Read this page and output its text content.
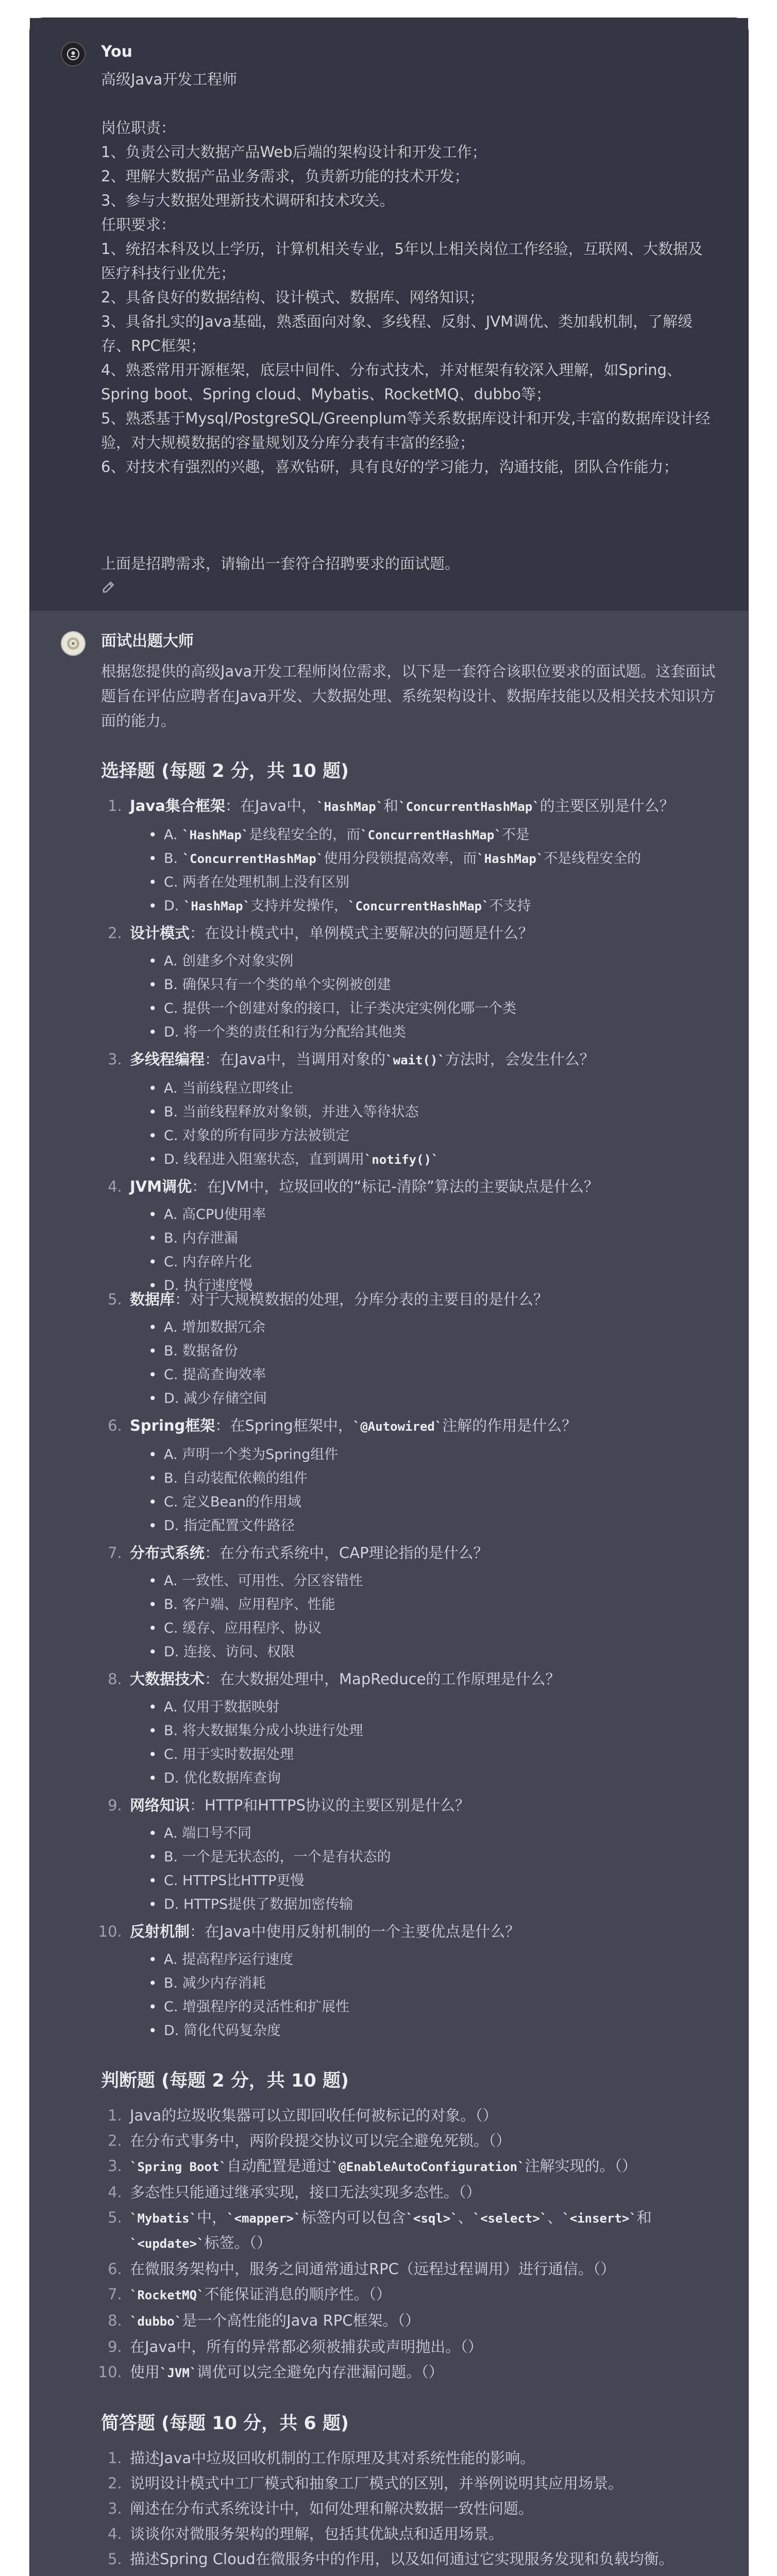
You
高级Java开发工程师

岗位职责：
1、负责公司大数据产品Web后端的架构设计和开发工作；
2、理解大数据产品业务需求，负责新功能的技术开发；
3、参与大数据处理新技术调研和技术攻关。
任职要求：
1、统招本科及以上学历，计算机相关专业，5年以上相关岗位工作经验，互联网、大数据及医疗科技行业优先；
2、具备良好的数据结构、设计模式、数据库、网络知识；
3、具备扎实的Java基础，熟悉面向对象、多线程、反射、JVM调优、类加载机制，了解缓存、RPC框架；
4、熟悉常用开源框架，底层中间件、分布式技术，并对框架有较深入理解，如Spring、Spring boot、Spring cloud、Mybatis、RocketMQ、dubbo等；
5、熟悉基于Mysql/PostgreSQL/Greenplum等关系数据库设计和开发,丰富的数据库设计经验，对大规模数据的容量规划及分库分表有丰富的经验；
6、对技术有强烈的兴趣，喜欢钻研，具有良好的学习能力，沟通技能，团队合作能力；

上面是招聘需求，请输出一套符合招聘要求的面试题。
面试出题大师
根据您提供的高级Java开发工程师岗位需求，以下是一套符合该职位要求的面试题。这套面试题旨在评估应聘者在Java开发、大数据处理、系统架构设计、数据库技能以及相关技术知识方面的能力。
选择题 (每题 2 分，共 10 题)
1. Java集合框架：在Java中，`HashMap`和`ConcurrentHashMap`的主要区别是什么？
• A. `HashMap`是线程安全的，而`ConcurrentHashMap`不是
• B. `ConcurrentHashMap`使用分段锁提高效率，而`HashMap`不是线程安全的
• C. 两者在处理机制上没有区别
• D. `HashMap`支持并发操作，`ConcurrentHashMap`不支持
2. 设计模式：在设计模式中，单例模式主要解决的问题是什么？
• A. 创建多个对象实例
• B. 确保只有一个类的单个实例被创建
• C. 提供一个创建对象的接口，让子类决定实例化哪一个类
• D. 将一个类的责任和行为分配给其他类
3. 多线程编程：在Java中，当调用对象的`wait()`方法时，会发生什么？
• A. 当前线程立即终止
• B. 当前线程释放对象锁，并进入等待状态
• C. 对象的所有同步方法被锁定
• D. 线程进入阻塞状态，直到调用`notify()`
4. JVM调优：在JVM中，垃圾回收的“标记-清除”算法的主要缺点是什么？
• A. 高CPU使用率
• B. 内存泄漏
• C. 内存碎片化
• D. 执行速度慢
5. 数据库：对于大规模数据的处理，分库分表的主要目的是什么？
• A. 增加数据冗余
• B. 数据备份
• C. 提高查询效率
• D. 减少存储空间
6. Spring框架：在Spring框架中，`@Autowired`注解的作用是什么？
• A. 声明一个类为Spring组件
• B. 自动装配依赖的组件
• C. 定义Bean的作用域
• D. 指定配置文件路径
7. 分布式系统：在分布式系统中，CAP理论指的是什么？
• A. 一致性、可用性、分区容错性
• B. 客户端、应用程序、性能
• C. 缓存、应用程序、协议
• D. 连接、访问、权限
8. 大数据技术：在大数据处理中，MapReduce的工作原理是什么？
• A. 仅用于数据映射
• B. 将大数据集分成小块进行处理
• C. 用于实时数据处理
• D. 优化数据库查询
9. 网络知识：HTTP和HTTPS协议的主要区别是什么？
• A. 端口号不同
• B. 一个是无状态的，一个是有状态的
• C. HTTPS比HTTP更慢
• D. HTTPS提供了数据加密传输
10. 反射机制：在Java中使用反射机制的一个主要优点是什么？
• A. 提高程序运行速度
• B. 减少内存消耗
• C. 增强程序的灵活性和扩展性
• D. 简化代码复杂度
判断题 (每题 2 分，共 10 题)
1. Java的垃圾收集器可以立即回收任何被标记的对象。（）
2. 在分布式事务中，两阶段提交协议可以完全避免死锁。（）
3. `Spring Boot`自动配置是通过`@EnableAutoConfiguration`注解实现的。（）
4. 多态性只能通过继承实现，接口无法实现多态性。（）
5. `Mybatis`中，`<mapper>`标签内可以包含`<sql>`、`<select>`、`<insert>`和`<update>`标签。（）
6. 在微服务架构中，服务之间通常通过RPC（远程过程调用）进行通信。（）
7. `RocketMQ`不能保证消息的顺序性。（）
8. `dubbo`是一个高性能的Java RPC框架。（）
9. 在Java中，所有的异常都必须被捕获或声明抛出。（）
10. 使用`JVM`调优可以完全避免内存泄漏问题。（）
简答题 (每题 10 分，共 6 题)
1. 描述Java中垃圾回收机制的工作原理及其对系统性能的影响。
2. 说明设计模式中工厂模式和抽象工厂模式的区别，并举例说明其应用场景。
3. 阐述在分布式系统设计中，如何处理和解决数据一致性问题。
4. 谈谈你对微服务架构的理解，包括其优缺点和适用场景。
5. 描述Spring Cloud在微服务中的作用，以及如何通过它实现服务发现和负载均衡。
6.
